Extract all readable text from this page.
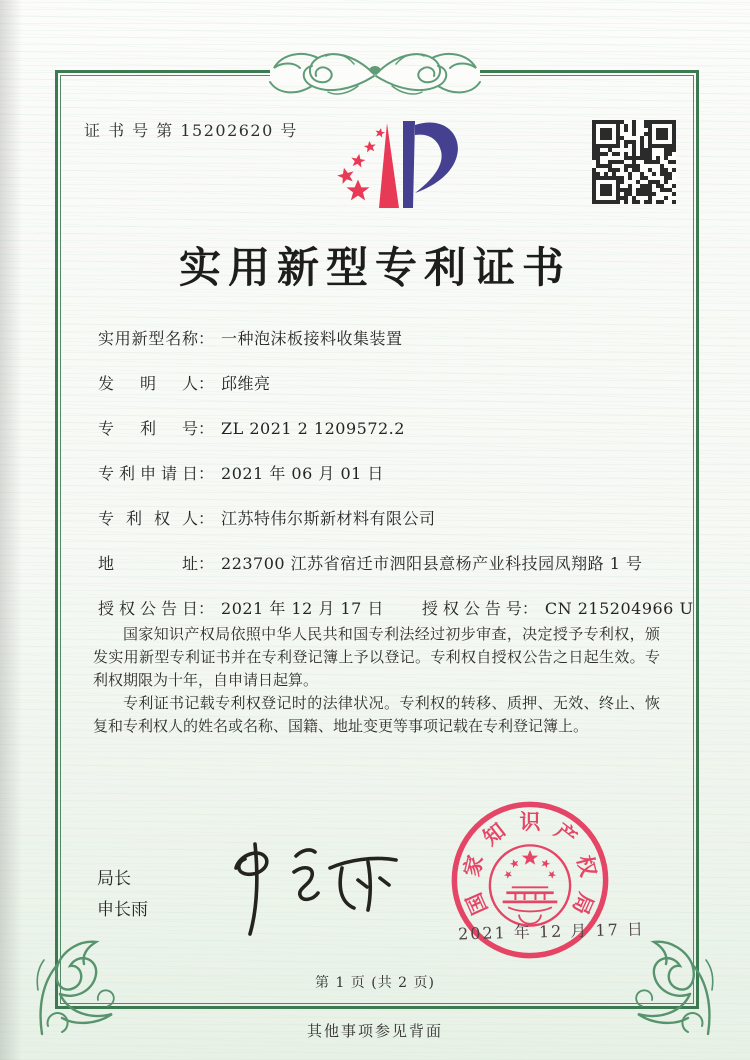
证 书 号 第 15202620 号
实用新型专利证书
实用新型名称： 一种泡沫板接料收集装置
发明人： 邱维亮
专利号： ZL 2021 2 1209572.2
专利申请日： 2021 年 06 月 01 日
专利权人： 江苏特伟尔斯新材料有限公司
地址： 223700 江苏省宿迁市泗阳县意杨产业科技园凤翔路 1 号
授权公告日： 2021 年 12 月 17 日 授权公告号： CN 215204966 U

国家知识产权局依照中华人民共和国专利法经过初步审查，决定授予专利权，颁发实用新型专利证书并在专利登记簿上予以登记。专利权自授权公告之日起生效。专利权期限为十年，自申请日起算。

专利证书记载专利权登记时的法律状况。专利权的转移、质押、无效、终止、恢复和专利权人的姓名或名称、国籍、地址变更等事项记载在专利登记簿上。

局长
申长雨	国
家
知 识 产
权
局
2021 年 12 月 17 日
第 1 页 (共 2 页)
其他事项参见背面
